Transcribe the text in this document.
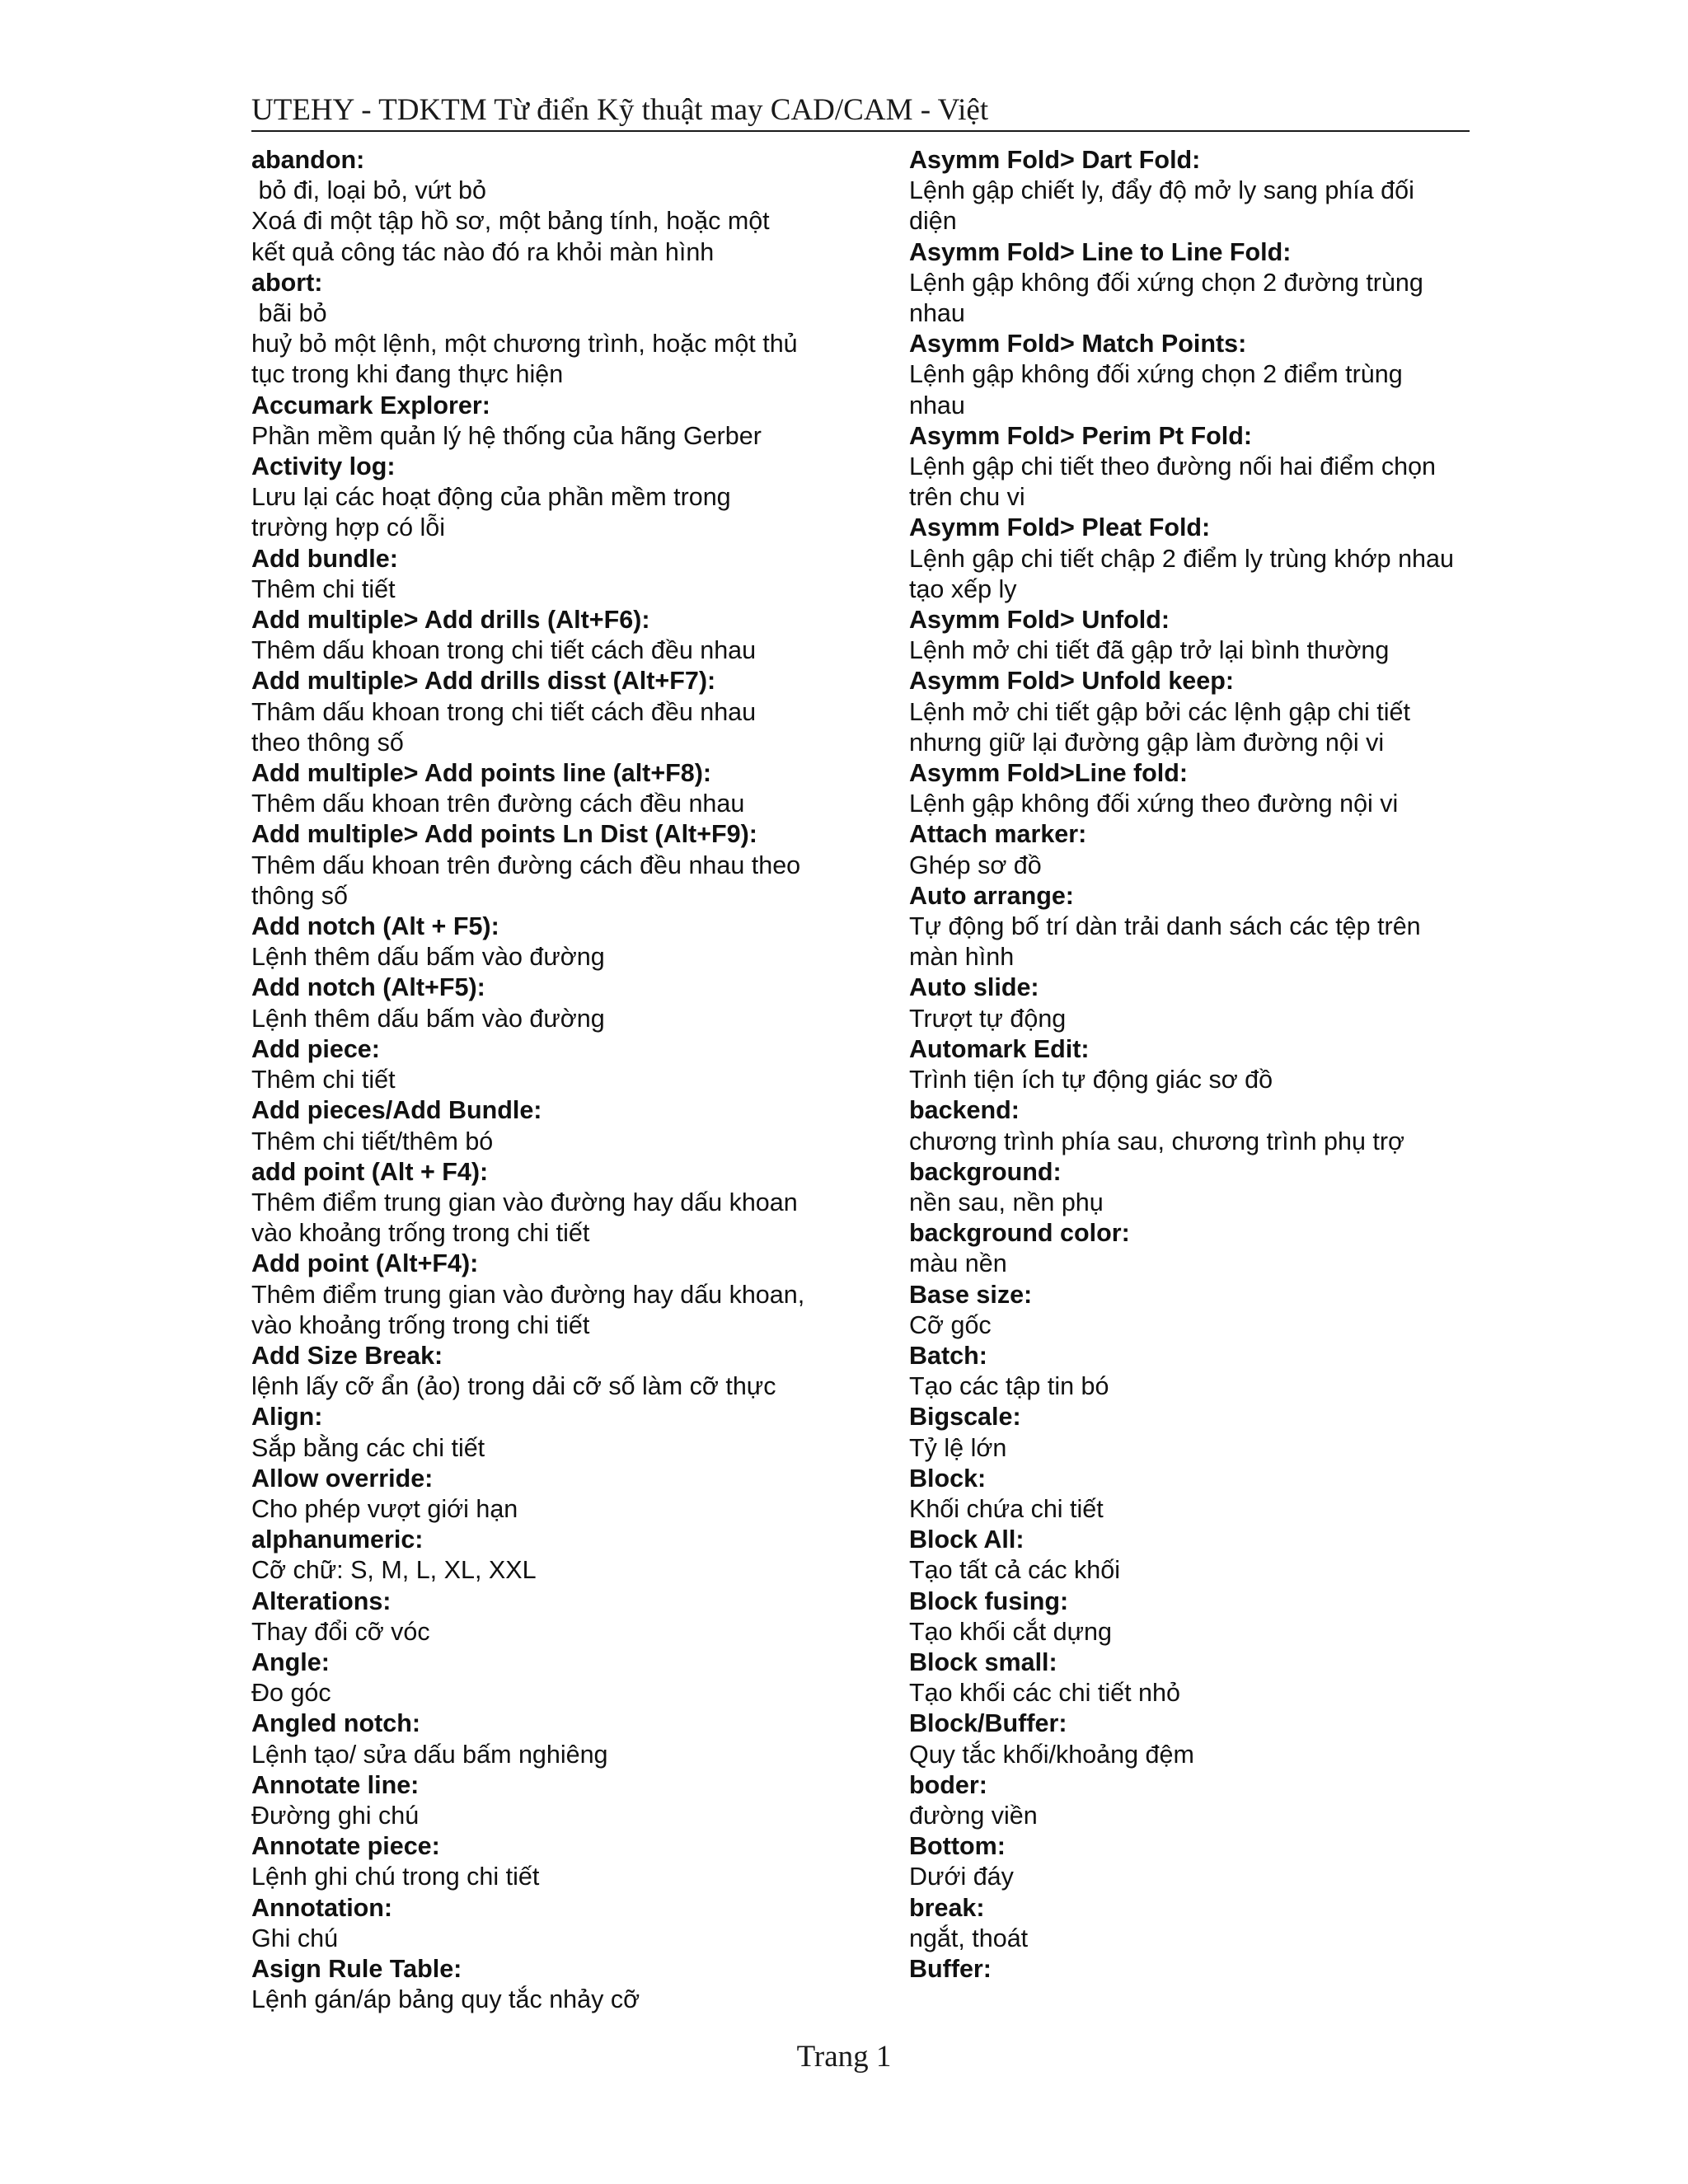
UTEHY - TDKTM Từ điển Kỹ thuật may CAD/CAM - Việt
abandon:
bỏ đi, loại bỏ, vứt bỏ
Xoá đi một tập hồ sơ, một bảng tính, hoặc một
kết quả công tác nào đó ra khỏi màn hình
abort:
bãi bỏ
huỷ bỏ một lệnh, một chương trình, hoặc một thủ
tục trong khi đang thực hiện
Accumark Explorer:
Phần mềm quản lý hệ thống của hãng Gerber
Activity log:
Lưu lại các hoạt động của phần mềm trong
trường hợp có lỗi
Add bundle:
Thêm chi tiết
Add multiple> Add drills (Alt+F6):
Thêm dấu khoan trong chi tiết cách đều nhau
Add multiple> Add drills disst (Alt+F7):
Thâm dấu khoan trong chi tiết cách đều nhau
theo thông số
Add multiple> Add points line (alt+F8):
Thêm dấu khoan trên đường cách đều nhau
Add multiple> Add points Ln Dist (Alt+F9):
Thêm dấu khoan trên đường cách đều nhau theo
thông số
Add notch (Alt + F5):
Lệnh thêm dấu bấm vào đường
Add notch (Alt+F5):
Lệnh thêm dấu bấm vào đường
Add piece:
Thêm chi tiết
Add pieces/Add Bundle:
Thêm chi tiết/thêm bó
add point (Alt + F4):
Thêm điểm trung gian vào đường hay dấu khoan
vào khoảng trống trong chi tiết
Add point (Alt+F4):
Thêm điểm trung gian vào đường hay dấu khoan,
vào khoảng trống trong chi tiết
Add Size Break:
lệnh lấy cỡ ẩn (ảo) trong dải cỡ số làm cỡ thực
Align:
Sắp bằng các chi tiết
Allow override:
Cho phép vượt giới hạn
alphanumeric:
Cỡ chữ: S, M, L, XL, XXL
Alterations:
Thay đổi cỡ vóc
Angle:
Đo góc
Angled notch:
Lệnh tạo/ sửa dấu bấm nghiêng
Annotate line:
Đường ghi chú
Annotate piece:
Lệnh ghi chú trong chi tiết
Annotation:
Ghi chú
Asign Rule Table:
Lệnh gán/áp bảng quy tắc nhảy cỡ
Asymm Fold> Dart Fold:
Lệnh gập chiết ly, đẩy độ mở ly sang phía đối
diện
Asymm Fold> Line to Line Fold:
Lệnh gập không đối xứng chọn 2 đường trùng
nhau
Asymm Fold> Match Points:
Lệnh gập không đối xứng chọn 2 điểm trùng
nhau
Asymm Fold> Perim Pt Fold:
Lệnh gập chi tiết theo đường nối hai điểm chọn
trên chu vi
Asymm Fold> Pleat Fold:
Lệnh gập chi tiết chập 2 điểm ly trùng khớp nhau
tạo xếp ly
Asymm Fold> Unfold:
Lệnh mở chi tiết đã gập trở lại bình thường
Asymm Fold> Unfold keep:
Lệnh mở chi tiết gập bởi các lệnh gập chi tiết
nhưng giữ lại đường gập làm đường nội vi
Asymm Fold>Line fold:
Lệnh gập không đối xứng theo đường nội vi
Attach marker:
Ghép sơ đồ
Auto arrange:
Tự động bố trí dàn trải danh sách các tệp trên
màn hình
Auto slide:
Trượt tự động
Automark Edit:
Trình tiện ích tự động giác sơ đồ
backend:
chương trình phía sau, chương trình phụ trợ
background:
nền sau, nền phụ
background color:
màu nền
Base size:
Cỡ gốc
Batch:
Tạo các tập tin bó
Bigscale:
Tỷ lệ lớn
Block:
Khối chứa chi tiết
Block All:
Tạo tất cả các khối
Block fusing:
Tạo khối cắt dựng
Block small:
Tạo khối các chi tiết nhỏ
Block/Buffer:
Quy tắc khối/khoảng đệm
boder:
đường viền
Bottom:
Dưới đáy
break:
ngắt, thoát
Buffer:
Trang 1
